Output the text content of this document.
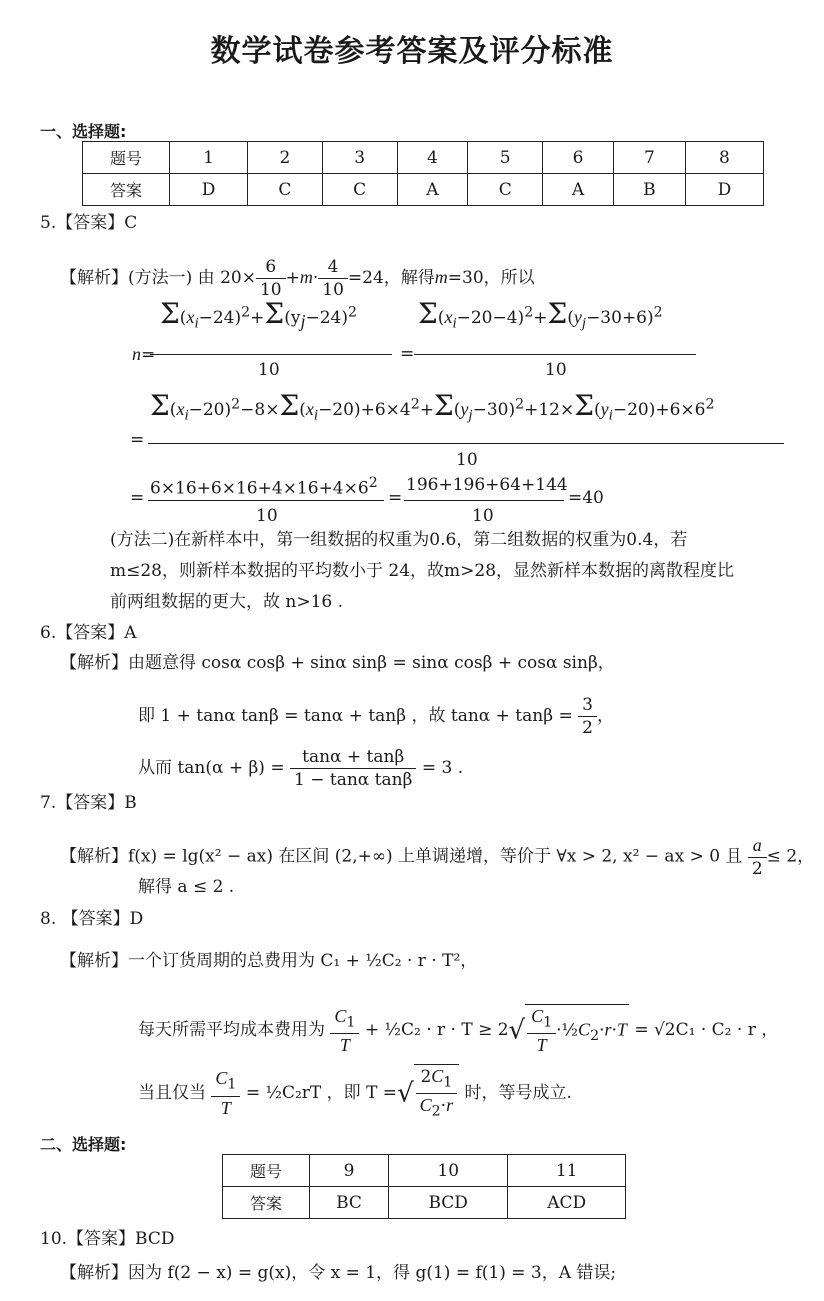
数学试卷参考答案及评分标准
一、选择题:
题号	1	2	3	4	5	6	7	8
答案	D	C	C	A	C	A	B	D
5.【答案】C
【解析】(方法一) 由 $20\times \frac{6}{10} +m\cdot \frac{4}{10} =24$，解得m=30，所以
n=
$\Sigma(x_i-24)^2+\Sigma(y_j-24)^2$
10
=
$\Sigma(x_i-20-4)^2+\Sigma(y_j-30+6)^2$
10
=
$\Sigma(x_i-20)^2-8\times\Sigma(x_i-20)+6\times 4^2+\Sigma(y_j-30)^2+12\times\Sigma(y_i-20)+6\times 6^2$
10
= $6\times 16+6\times 16+4\times 16+4\times 6^2$
10
=
196+196+64+144
10
=40
(方法二)在新样本中，第一组数据的权重为0.6，第二组数据的权重为0.4，若
m≤28，则新样本数据的平均数小于 24，故m>28，显然新样本数据的离散程度比
前两组数据的更大，故 n>16 .
6.【答案】A
【解析】由题意得 cosα cosβ + sinα sinβ = sinα cosβ + cosα sinβ，
即 1 + tanα tanβ = tanα + tanβ ，故 $\tan\alpha + \tan\beta = \frac{3}{2}$ ，
从而 $\tan(\alpha + \beta) = \frac{\tan\alpha + \tan\beta}{\text{1 − tanα tanβ}} = 3$ .
7.【答案】B
【解析】f(x) = lg(x² − ax) 在区间 (2,+∞) 上单调递增，等价于 ∀x > 2, x² − ax > 0 且 $\frac{a}{2} \le 2$，
解得 a ≤ 2 .
8. 【答案】D
【解析】一个订货周期的总费用为 C₁ + ½C₂ · r · T²，
每天所需平均成本费用为 $\frac{C_1}{T}$ + ½C₂ · $r \cdot T \ge 2√ \frac{C_1}{T}$ $\cdot\frac{1}{2}C_2\cdot r\cdot T = √2C_1 \cdot C_2 \cdot r$ ，
当且仅当 $\frac{C_1}{T}$ = ½C₂rT ，即 T =√ $\frac{2C_1}{C_2\cdot r}$ 时，等号成立.
二、选择题:
题号	9	10	11
答案	BC	BCD	ACD
10.【答案】BCD
【解析】因为 f(2 − x) = g(x)，令 x = 1，得 g(1) = f(1) = 3，A 错误;
